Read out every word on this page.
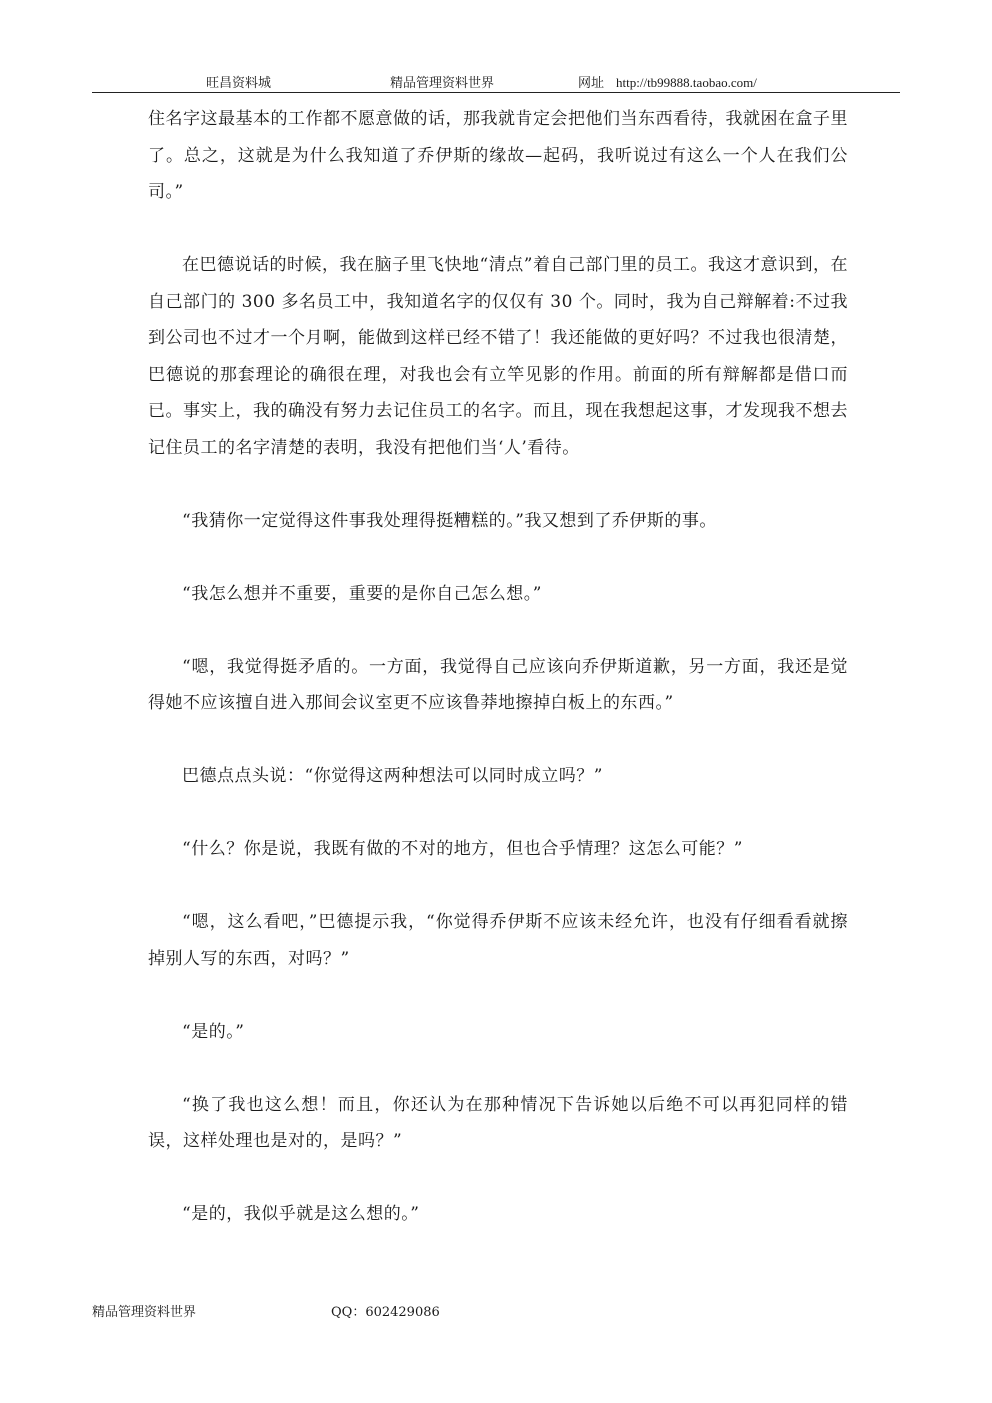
旺昌资料城	精品管理资料世界	网址 http://tb99888.taobao.com/

住名字这最基本的工作都不愿意做的话，那我就肯定会把他们当东西看待，我就困在盒子里了。总之，这就是为什么我知道了乔伊斯的缘故—起码，我听说过有这么一个人在我们公司。”

在巴德说话的时候，我在脑子里飞快地“清点”着自己部门里的员工。我这才意识到，在自己部门的 300 多名员工中，我知道名字的仅仅有 30 个。同时，我为自己辩解着:不过我到公司也不过才一个月啊，能做到这样已经不错了！我还能做的更好吗？不过我也很清楚，巴德说的那套理论的确很在理，对我也会有立竿见影的作用。前面的所有辩解都是借口而已。事实上，我的确没有努力去记住员工的名字。而且，现在我想起这事，才发现我不想去记住员工的名字清楚的表明，我没有把他们当‘人’看待。

“我猜你一定觉得这件事我处理得挺糟糕的。”我又想到了乔伊斯的事。

“我怎么想并不重要，重要的是你自己怎么想。”

“嗯，我觉得挺矛盾的。一方面，我觉得自己应该向乔伊斯道歉，另一方面，我还是觉得她不应该擅自进入那间会议室更不应该鲁莽地擦掉白板上的东西。”

巴德点点头说：“你觉得这两种想法可以同时成立吗？”

“什么？你是说，我既有做的不对的地方，但也合乎情理？这怎么可能？”

“嗯，这么看吧，”巴德提示我，“你觉得乔伊斯不应该未经允许，也没有仔细看看就擦掉别人写的东西，对吗？”

“是的。”

“换了我也这么想！而且，你还认为在那种情况下告诉她以后绝不可以再犯同样的错误，这样处理也是对的，是吗？”

“是的，我似乎就是这么想的。”

精品管理资料世界	QQ：602429086
